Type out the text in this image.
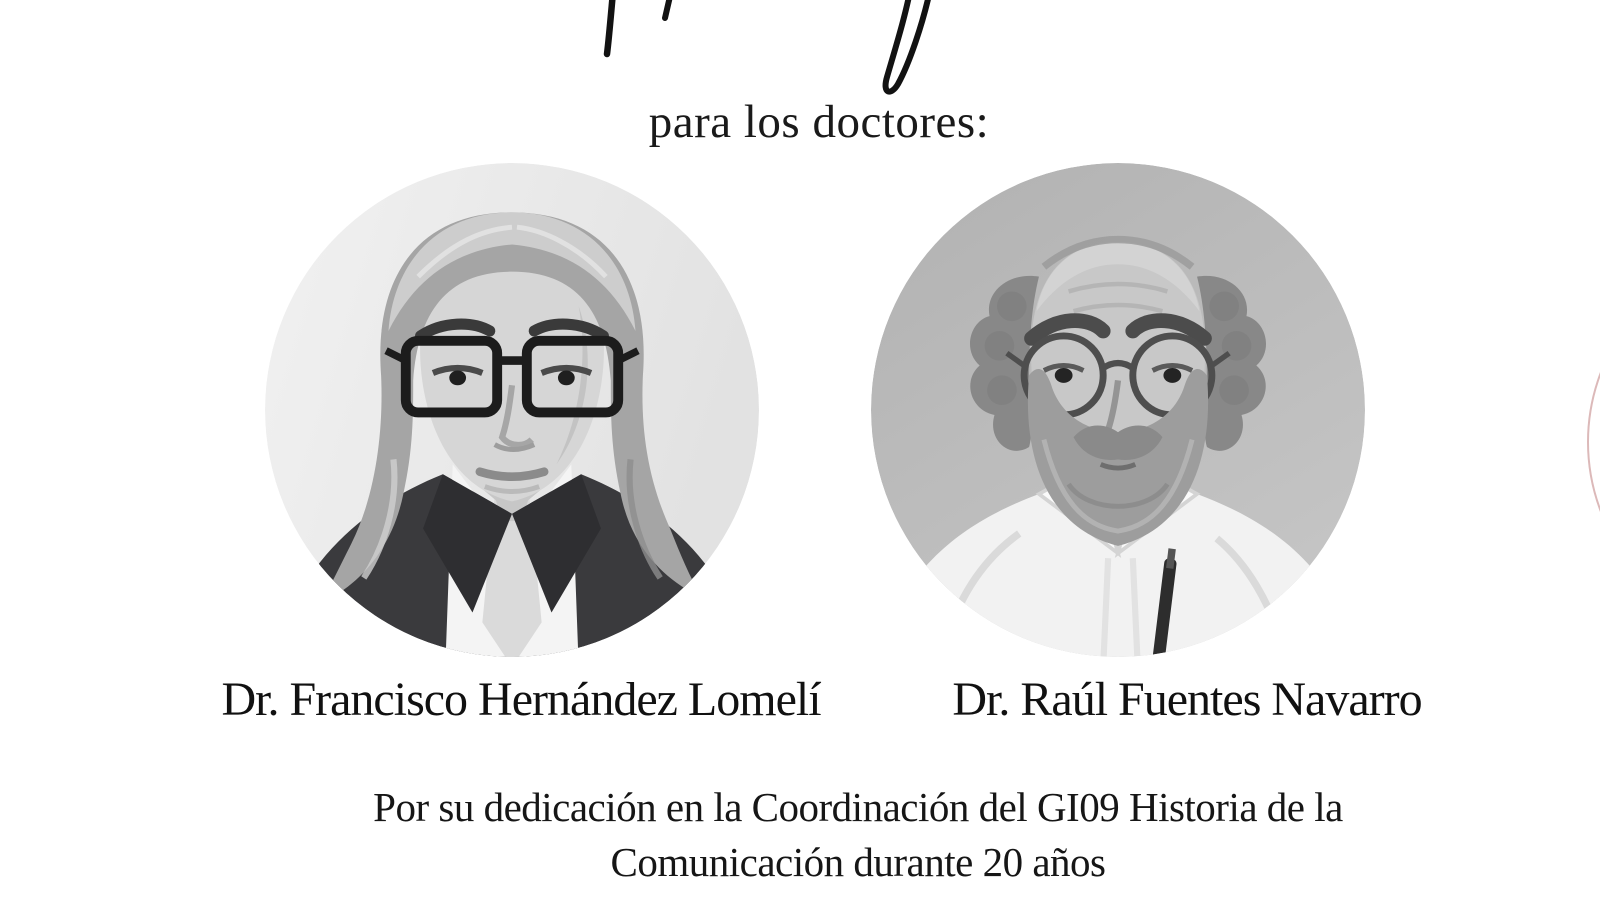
para los doctores:
Dr. Francisco Hernández Lomelí	Dr. Raúl Fuentes Navarro
Por su dedicación en la Coordinación del GI09 Historia de la
Comunicación durante 20 años
